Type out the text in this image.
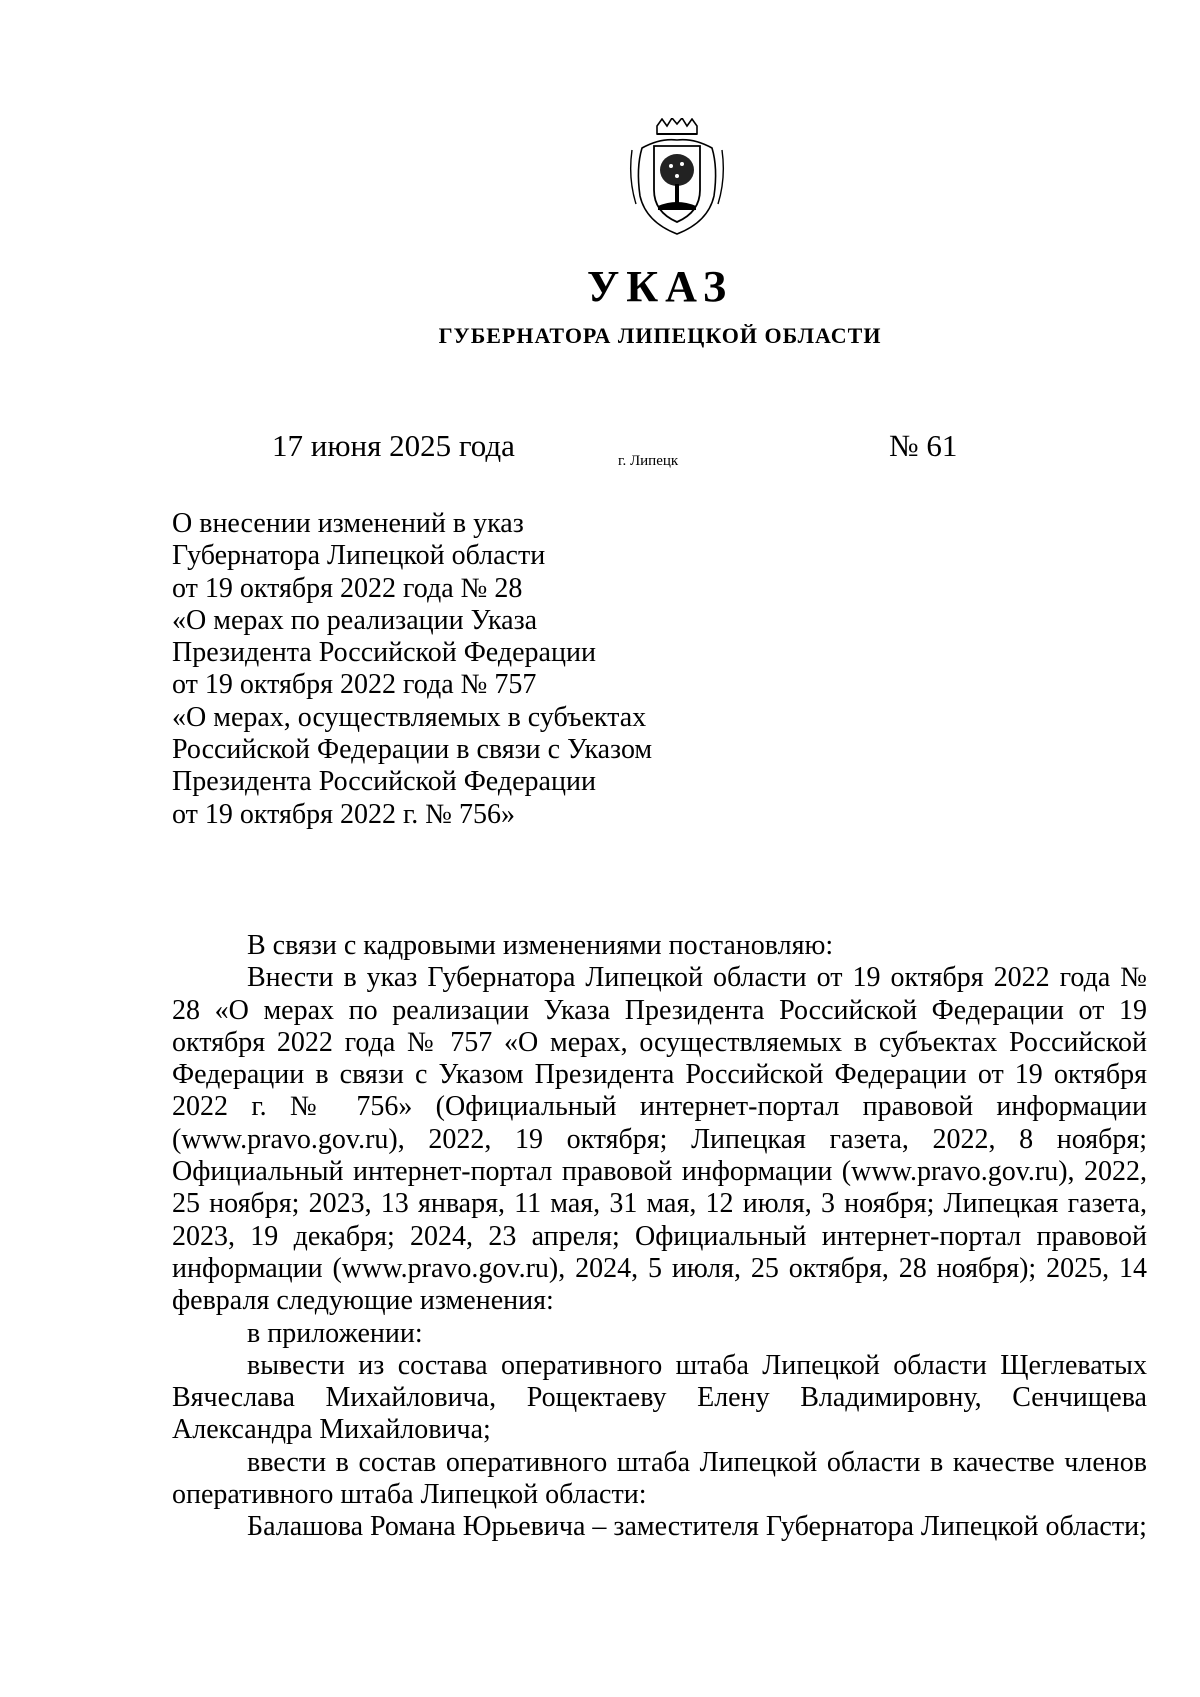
УКАЗ
ГУБЕРНАТОРА ЛИПЕЦКОЙ ОБЛАСТИ
17 июня 2025 года	г. Липецк	№ 61
О внесении изменений в указ
Губернатора Липецкой области
от 19 октября 2022 года № 28
«О мерах по реализации Указа
Президента Российской Федерации
от 19 октября 2022 года № 757
«О мерах, осуществляемых в субъектах
Российской Федерации в связи с Указом
Президента Российской Федерации
от 19 октября 2022 г. № 756»

В связи с кадровыми изменениями постановляю:

Внести в указ Губернатора Липецкой области от 19 октября 2022 года № 28 «О мерах по реализации Указа Президента Российской Федерации от 19 октября 2022 года № 757 «О мерах, осуществляемых в субъектах Российской Федерации в связи с Указом Президента Российской Федерации от 19 октября 2022 г. № 756» (Официальный интернет-портал правовой информации (www.pravo.gov.ru), 2022, 19 октября; Липецкая газета, 2022, 8 ноября; Официальный интернет-портал правовой информации (www.pravo.gov.ru), 2022, 25 ноября; 2023, 13 января, 11 мая, 31 мая, 12 июля, 3 ноября; Липецкая газета, 2023, 19 декабря; 2024, 23 апреля; Официальный интернет-портал правовой информации (www.pravo.gov.ru), 2024, 5 июля, 25 октября, 28 ноября); 2025, 14 февраля следующие изменения:

в приложении:

вывести из состава оперативного штаба Липецкой области Щеглеватых Вячеслава Михайловича, Рощектаеву Елену Владимировну, Сенчищева Александра Михайловича;

ввести в состав оперативного штаба Липецкой области в качестве членов оперативного штаба Липецкой области:

Балашова Романа Юрьевича – заместителя Губернатора Липецкой области;
